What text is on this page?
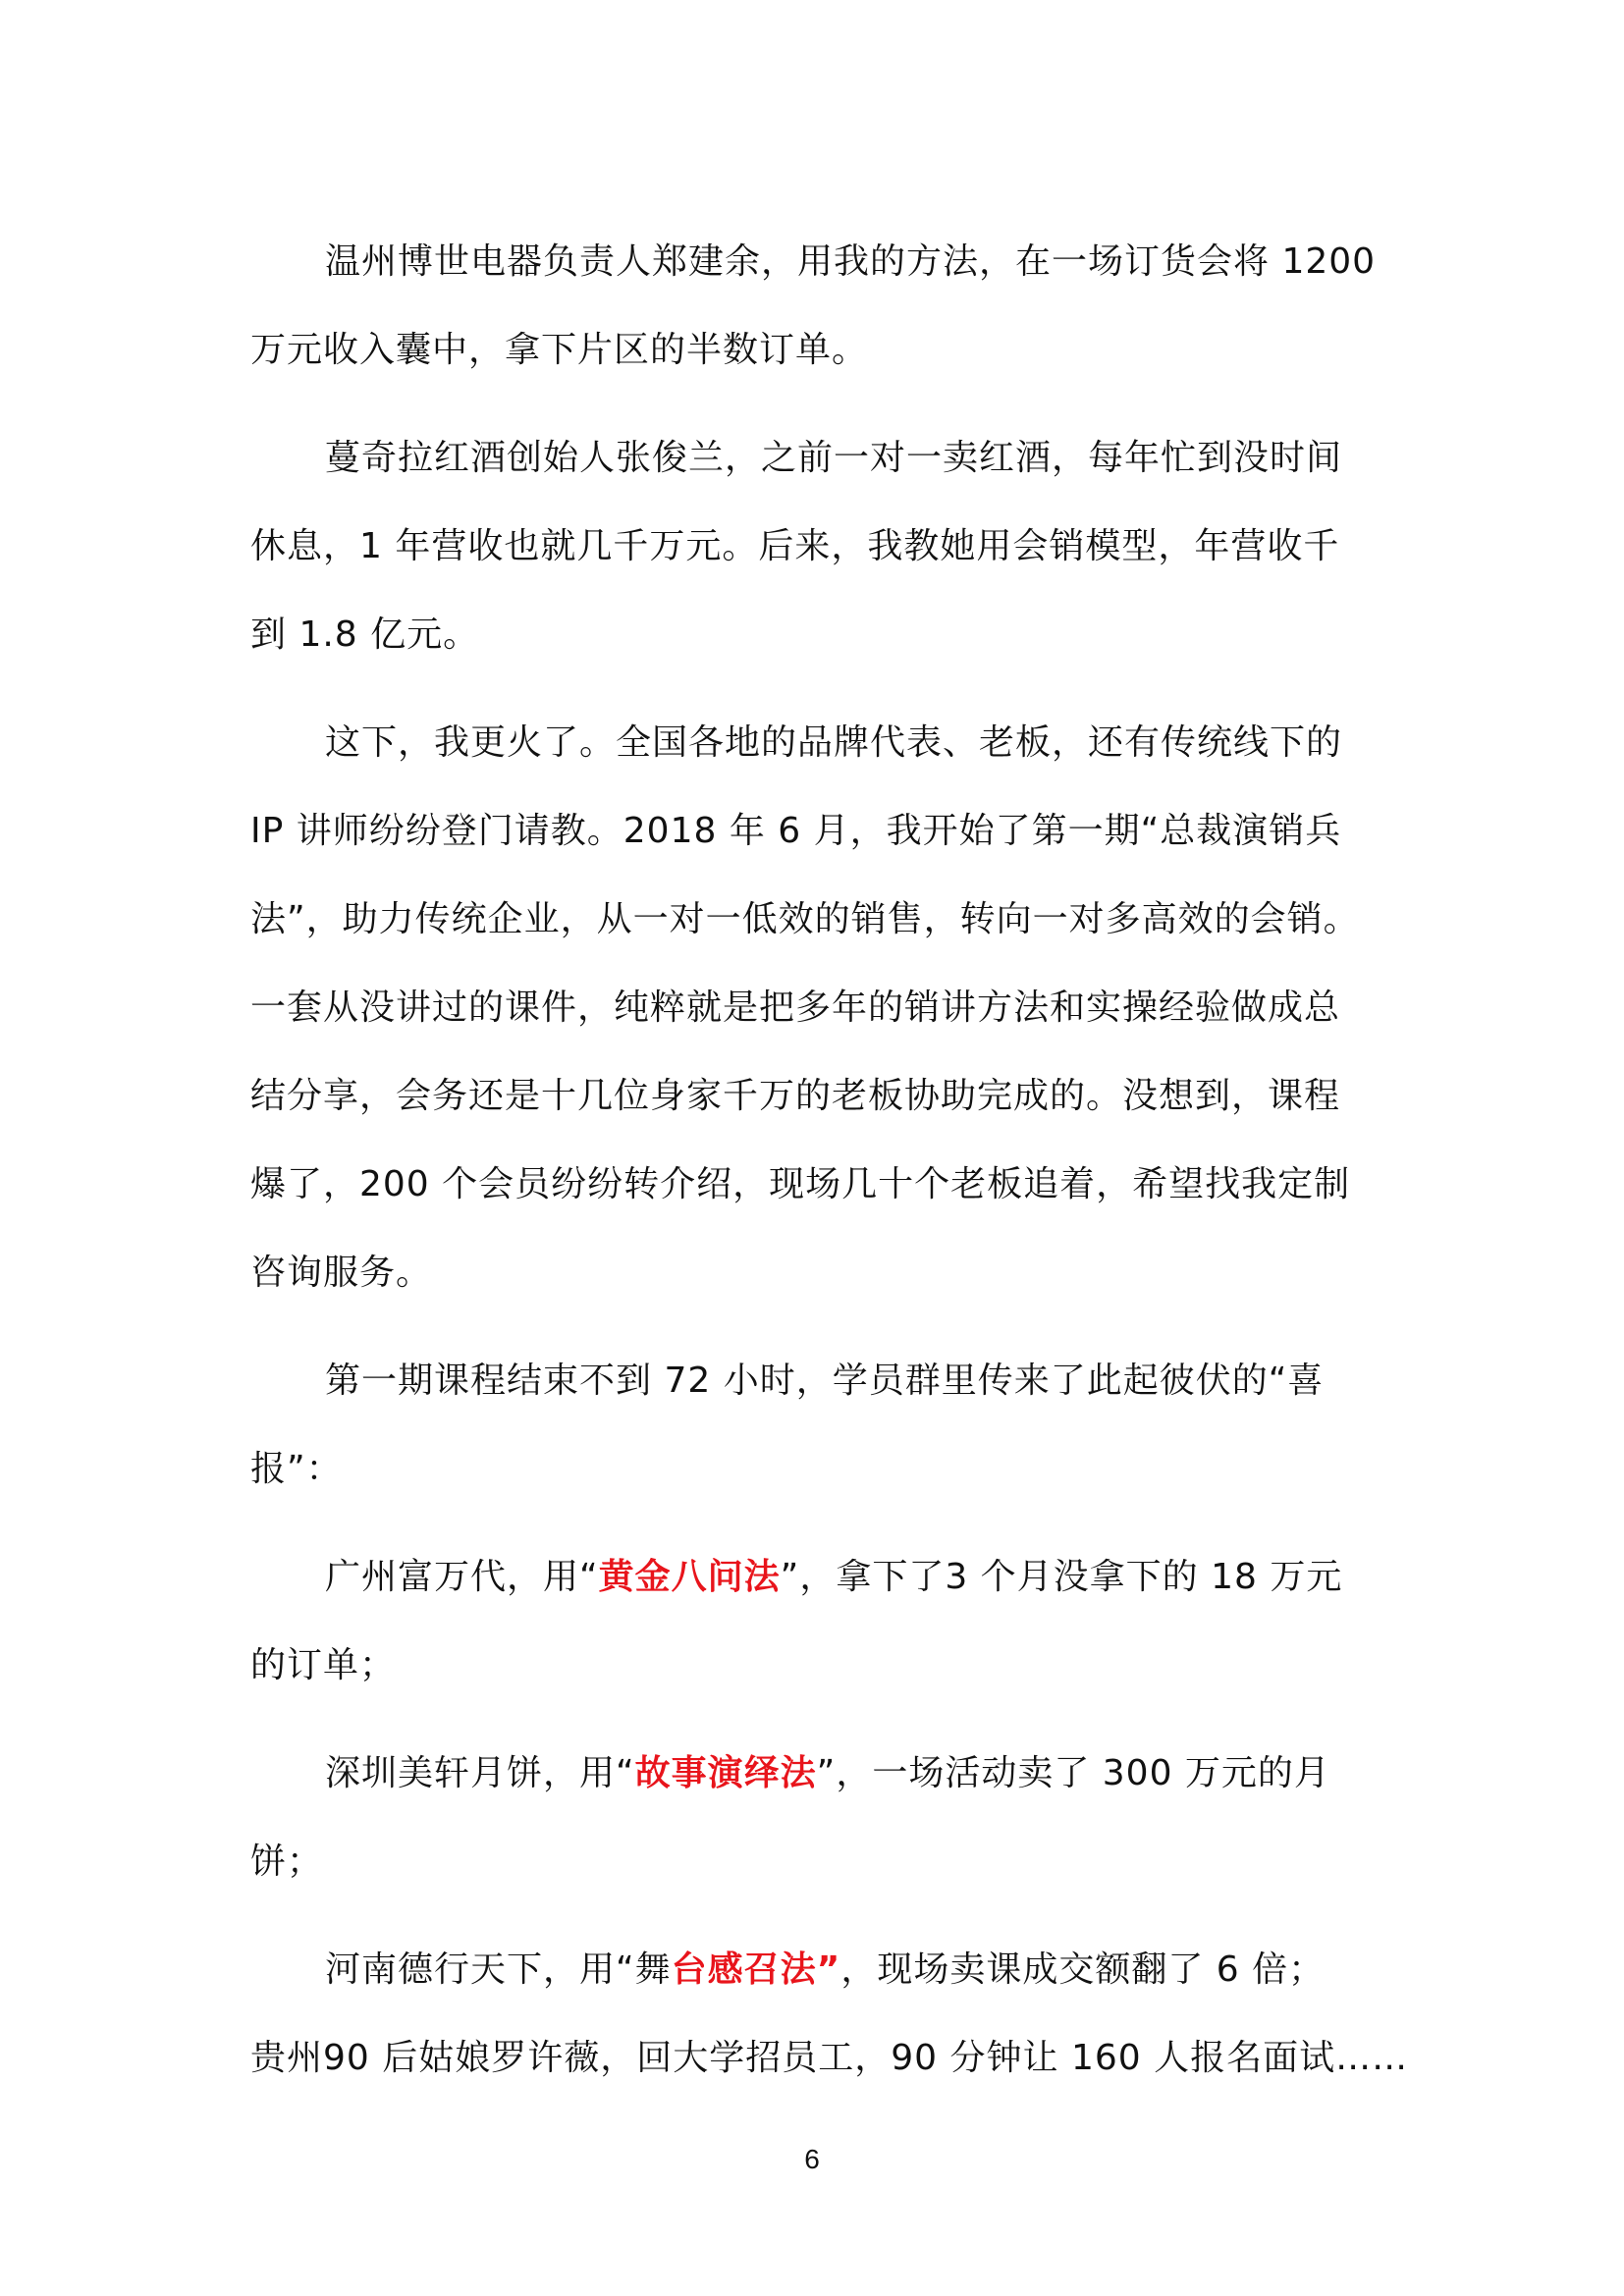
温州博世电器负责人郑建余，用我的方法，在一场订货会将 1200
万元收入囊中，拿下片区的半数订单。

蔓奇拉红酒创始人张俊兰，之前一对一卖红酒，每年忙到没时间
休息，1 年营收也就几千万元。后来，我教她用会销模型，年营收千
到 1.8 亿元。

这下，我更火了。全国各地的品牌代表、老板，还有传统线下的
IP 讲师纷纷登门请教。2018 年 6 月，我开始了第一期“总裁演销兵
法”，助力传统企业，从一对一低效的销售，转向一对多高效的会销。
一套从没讲过的课件，纯粹就是把多年的销讲方法和实操经验做成总
结分享，会务还是十几位身家千万的老板协助完成的。没想到，课程
爆了，200 个会员纷纷转介绍，现场几十个老板追着，希望找我定制
咨询服务。

第一期课程结束不到 72 小时，学员群里传来了此起彼伏的“喜
报”：

广州富万代，用“黄金八问法”，拿下了3 个月没拿下的 18 万元
的订单；

深圳美轩月饼，用“故事演绎法”，一场活动卖了 300 万元的月
饼；

河南德行天下，用“舞台感召法”，现场卖课成交额翻了 6 倍；
贵州90 后姑娘罗许薇，回大学招员工，90 分钟让 160 人报名面试……

6
